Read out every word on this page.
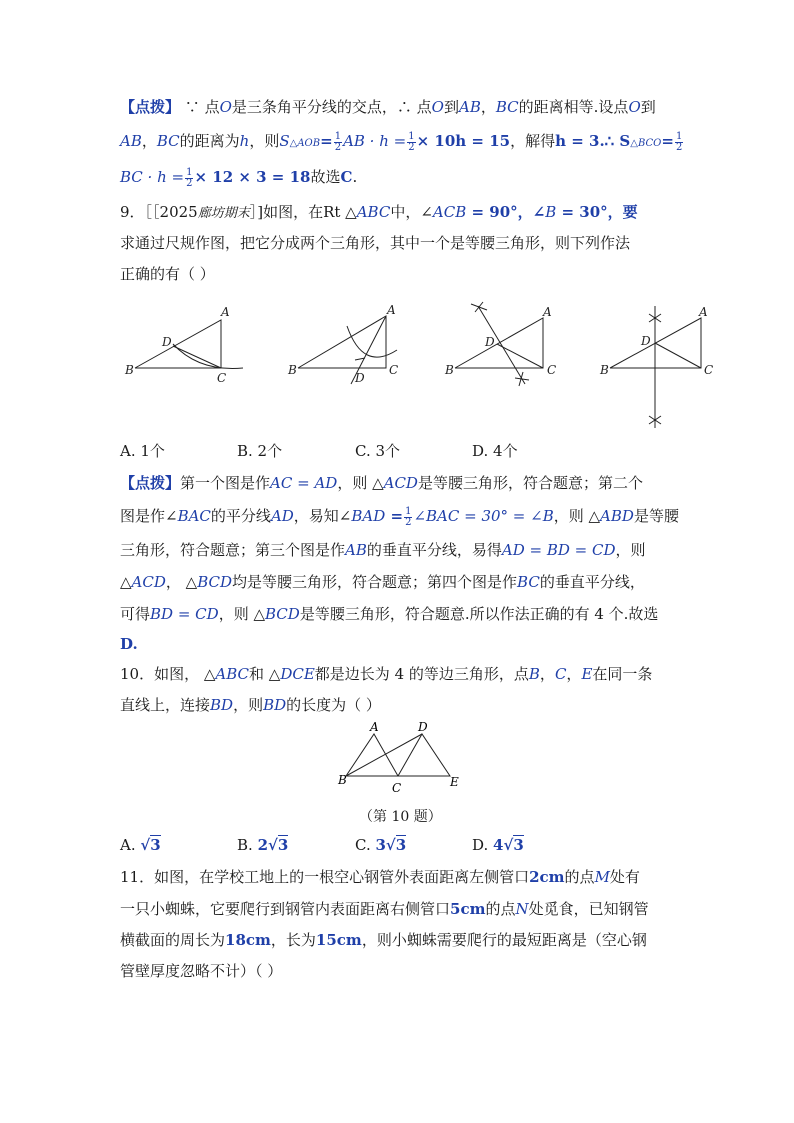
【点拨】 ∵ 点O是三条角平分线的交点，∴ 点O到AB，BC的距离相等.设点O到
AB，BC的距离为h，则S△AOB= $\frac{1}{2}$ AB · $h = \frac{1}{2} \times 10h = 15$，解得h = 3.∴ S△BCO= $\frac{1}{2}$
BC · $h = \frac{1}{2} \times 12 \times 3 = 18$故选C.
9．［［2025廊坊期末］]如图，在Rt △ABC中，∠ACB = 90°，∠B = 30°，要
求通过尺规作图，把它分成两个三角形，其中一个是等腰三角形，则下列作法
正确的有（ ）
B
A
C
D
B
A
C
D
B
A
C
D
B
A
C
D
A. 1个	B. 2个	C. 3个	D. 4个
【点拨】第一个图是作AC = AD，则 △ACD是等腰三角形，符合题意；第二个
图是作∠BAC的平分线AD，易知∠BAD = $\frac{1}{2}$ ∠BAC = 30° = ∠B，则 △ABD是等腰
三角形，符合题意；第三个图是作AB的垂直平分线，易得AD = BD = CD，则
△ACD， △BCD均是等腰三角形，符合题意；第四个图是作BC的垂直平分线，
可得BD = CD，则 △BCD是等腰三角形，符合题意.所以作法正确的有 4 个.故选
D.
10．如图， △ABC和 △DCE都是边长为 4 的等边三角形，点B，C，E在同一条
直线上，连接BD，则BD的长度为（ ）
B
A
C
D
E
（第 10 题）
A. √3	B. 2√3	C. 3√3	D. 4√3
11．如图，在学校工地上的一根空心钢管外表面距离左侧管口2cm的点M处有
一只小蜘蛛，它要爬行到钢管内表面距离右侧管口5cm的点N处觅食，已知钢管
横截面的周长为18cm，长为15cm，则小蜘蛛需要爬行的最短距离是（空心钢
管壁厚度忽略不计）（ ）
